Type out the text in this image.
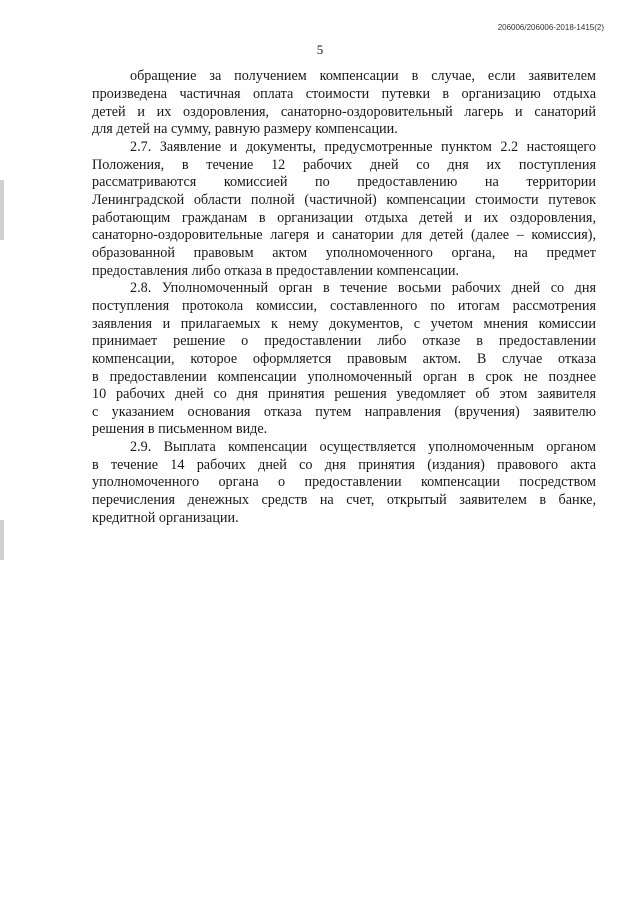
206006/206006-2018-1415(2)
5
обращение за получением компенсации в случае, если заявителем
произведена частичная оплата стоимости путевки в организацию отдыха
детей и их оздоровления, санаторно-оздоровительный лагерь и санаторий
для детей на сумму, равную размеру компенсации.
2.7. Заявление и документы, предусмотренные пунктом 2.2 настоящего
Положения, в течение 12 рабочих дней со дня их поступления
рассматриваются комиссией по предоставлению на территории
Ленинградской области полной (частичной) компенсации стоимости путевок
работающим гражданам в организации отдыха детей и их оздоровления,
санаторно-оздоровительные лагеря и санатории для детей (далее – комиссия),
образованной правовым актом уполномоченного органа, на предмет
предоставления либо отказа в предоставлении компенсации.
2.8. Уполномоченный орган в течение восьми рабочих дней со дня
поступления протокола комиссии, составленного по итогам рассмотрения
заявления и прилагаемых к нему документов, с учетом мнения комиссии
принимает решение о предоставлении либо отказе в предоставлении
компенсации, которое оформляется правовым актом. В случае отказа
в предоставлении компенсации уполномоченный орган в срок не позднее
10 рабочих дней со дня принятия решения уведомляет об этом заявителя
с указанием основания отказа путем направления (вручения) заявителю
решения в письменном виде.
2.9. Выплата компенсации осуществляется уполномоченным органом
в течение 14 рабочих дней со дня принятия (издания) правового акта
уполномоченного органа о предоставлении компенсации посредством
перечисления денежных средств на счет, открытый заявителем в банке,
кредитной организации.
